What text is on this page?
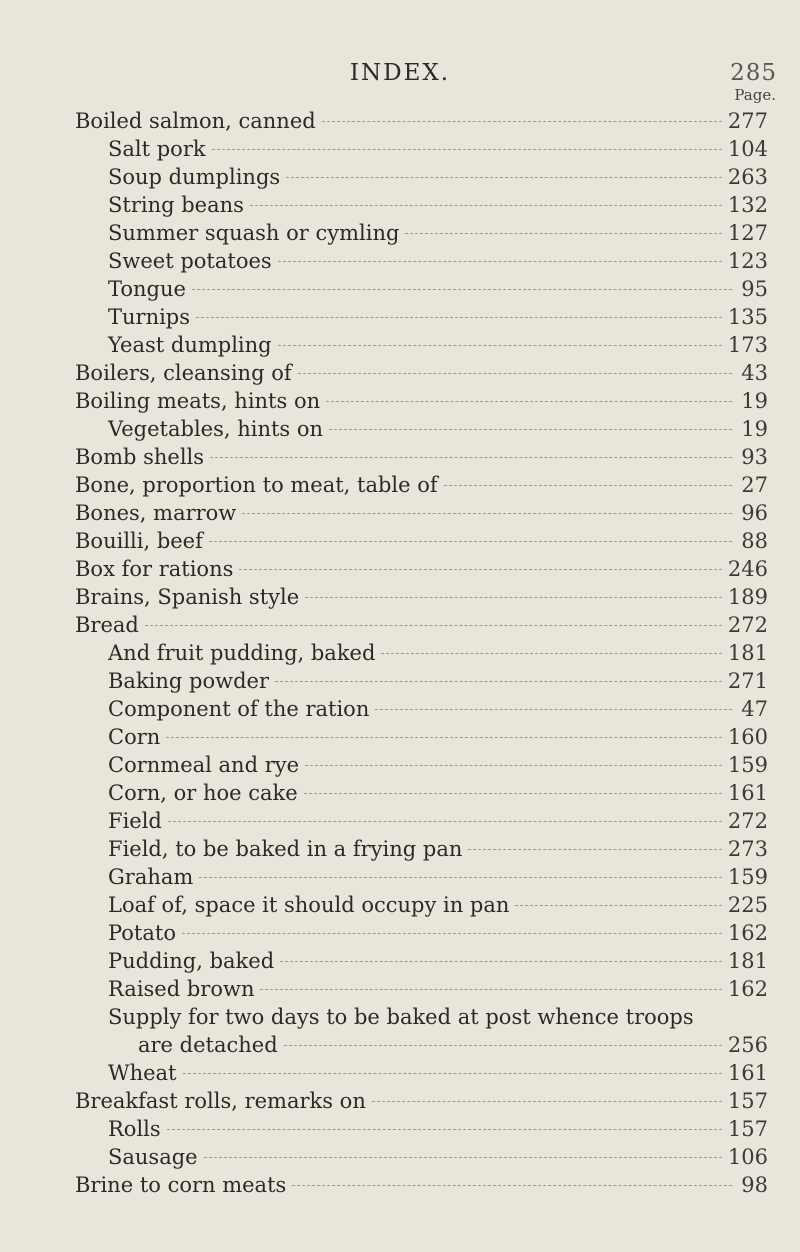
INDEX.	285
Page.
Boiled salmon, canned	277
Salt pork	104
Soup dumplings	263
String beans	132
Summer squash or cymling	127
Sweet potatoes	123
Tongue	95
Turnips	135
Yeast dumpling	173
Boilers, cleansing of	43
Boiling meats, hints on	19
Vegetables, hints on	19
Bomb shells	93
Bone, proportion to meat, table of	27
Bones, marrow	96
Bouilli, beef	88
Box for rations	246
Brains, Spanish style	189
Bread	272
And fruit pudding, baked	181
Baking powder	271
Component of the ration	47
Corn	160
Cornmeal and rye	159
Corn, or hoe cake	161
Field	272
Field, to be baked in a frying pan	273
Graham	159
Loaf of, space it should occupy in pan	225
Potato	162
Pudding, baked	181
Raised brown	162
Supply for two days to be baked at post whence troops
are detached	256
Wheat	161
Breakfast rolls, remarks on	157
Rolls	157
Sausage	106
Brine to corn meats	98
